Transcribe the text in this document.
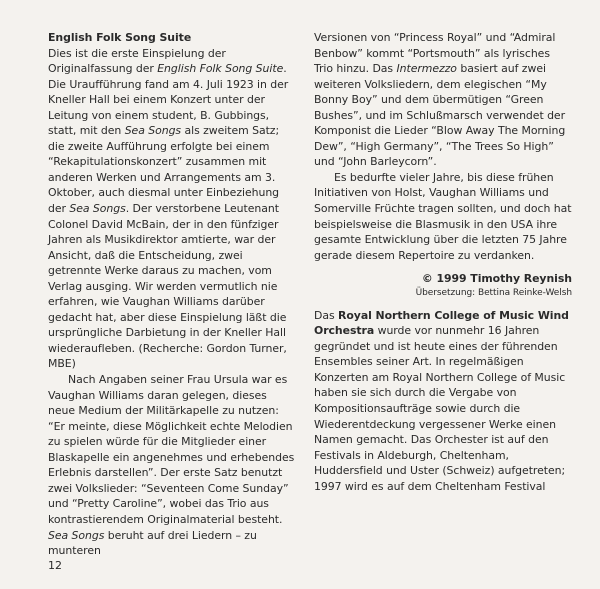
English Folk Song Suite

Dies ist die erste Einspielung der Originalfassung der English Folk Song Suite. Die Uraufführung fand am 4. Juli 1923 in der Kneller Hall bei einem Konzert unter der Leitung von einem student, B. Gubbings, statt, mit den Sea Songs als zweitem Satz; die zweite Aufführung erfolgte bei einem “Rekapitulationskonzert” zusammen mit anderen Werken und Arrangements am 3. Oktober, auch diesmal unter Einbeziehung der Sea Songs. Der verstorbene Leutenant Colonel David McBain, der in den fünfziger Jahren als Musikdirektor amtierte, war der Ansicht, daß die Entscheidung, zwei getrennte Werke daraus zu machen, vom Verlag ausging. Wir werden vermutlich nie erfahren, wie Vaughan Williams darüber gedacht hat, aber diese Einspielung läßt die ursprüngliche Darbietung in der Kneller Hall wiederaufleben. (Recherche: Gordon Turner, MBE)

Nach Angaben seiner Frau Ursula war es Vaughan Williams daran gelegen, dieses neue Medium der Militärkapelle zu nutzen: “Er meinte, diese Möglichkeit echte Melodien zu spielen würde für die Mitglieder einer Blaskapelle ein angenehmes und erhebendes Erlebnis darstellen”. Der erste Satz benutzt zwei Volkslieder: “Seventeen Come Sunday” und “Pretty Caroline”, wobei das Trio aus kontrastierendem Originalmaterial besteht. Sea Songs beruht auf drei Liedern – zu munteren

Versionen von “Princess Royal” und “Admiral Benbow” kommt “Portsmouth” als lyrisches Trio hinzu. Das Intermezzo basiert auf zwei weiteren Volksliedern, dem elegischen “My Bonny Boy” und dem übermütigen “Green Bushes”, und im Schlußmarsch verwendet der Komponist die Lieder “Blow Away The Morning Dew”, “High Germany”, “The Trees So High” und “John Barleycorn”.

Es bedurfte vieler Jahre, bis diese frühen Initiativen von Holst, Vaughan Williams und Somerville Früchte tragen sollten, und doch hat beispielsweise die Blasmusik in den USA ihre gesamte Entwicklung über die letzten 75 Jahre gerade diesem Repertoire zu verdanken.

© 1999 Timothy Reynish

Übersetzung: Bettina Reinke-Welsh

Das Royal Northern College of Music Wind Orchestra wurde vor nunmehr 16 Jahren gegründet und ist heute eines der führenden Ensembles seiner Art. In regelmäßigen Konzerten am Royal Northern College of Music haben sie sich durch die Vergabe von Kompositionsaufträge sowie durch die Wiederentdeckung vergessener Werke einen Namen gemacht. Das Orchester ist auf den Festivals in Aldeburgh, Cheltenham, Huddersfield und Uster (Schweiz) aufgetreten; 1997 wird es auf dem Cheltenham Festival

12
